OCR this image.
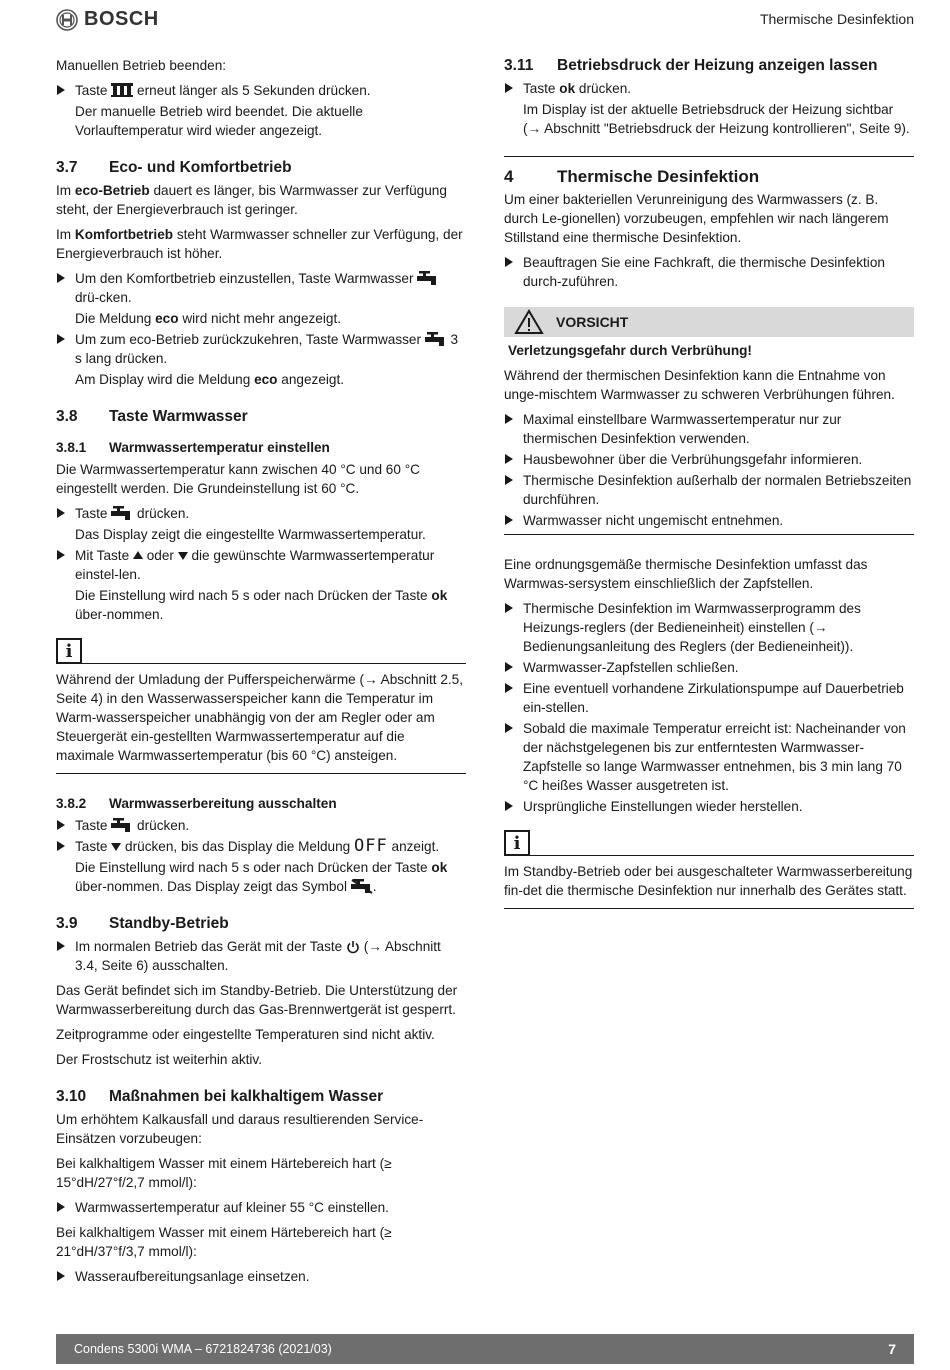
BOSCH	Thermische Desinfektion

Manuellen Betrieb beenden:

Taste  erneut länger als 5 Sekunden drücken.
Der manuelle Betrieb wird beendet. Die aktuelle Vorlauftemperatur wird wieder angezeigt.
3.7	Eco- und Komfortbetrieb

Im eco-Betrieb dauert es länger, bis Warmwasser zur Verfügung steht, der Energieverbrauch ist geringer.

Im Komfortbetrieb steht Warmwasser schneller zur Verfügung, der Energieverbrauch ist höher.

Um den Komfortbetrieb einzustellen, Taste Warmwasser  drü-cken.
Die Meldung eco wird nicht mehr angezeigt.
Um zum eco-Betrieb zurückzukehren, Taste Warmwasser  3 s lang drücken.
Am Display wird die Meldung eco angezeigt.
3.8	Taste Warmwasser
3.8.1	Warmwassertemperatur einstellen

Die Warmwassertemperatur kann zwischen 40 °C und 60 °C eingestellt werden. Die Grundeinstellung ist 60 °C.

Taste  drücken.
Das Display zeigt die eingestellte Warmwassertemperatur.
Mit Taste  oder  die gewünschte Warmwassertemperatur einstel-len.
Die Einstellung wird nach 5 s oder nach Drücken der Taste ok über-nommen.
i

Während der Umladung der Pufferspeicherwärme (→ Abschnitt 2.5, Seite 4) in den Wasserwasserspeicher kann die Temperatur im Warm-wasserspeicher unabhängig von der am Regler oder am Steuergerät ein-gestellten Warmwassertemperatur auf die maximale Warmwassertemperatur (bis 60 °C) ansteigen.

3.8.2	Warmwasserbereitung ausschalten
Taste  drücken.
Taste  drücken, bis das Display die Meldung OFF anzeigt.
Die Einstellung wird nach 5 s oder nach Drücken der Taste ok über-nommen. Das Display zeigt das Symbol .
3.9	Standby-Betrieb
Im normalen Betrieb das Gerät mit der Taste  (→ Abschnitt 3.4, Seite 6) ausschalten.

Das Gerät befindet sich im Standby-Betrieb. Die Unterstützung der Warmwasserbereitung durch das Gas-Brennwertgerät ist gesperrt.

Zeitprogramme oder eingestellte Temperaturen sind nicht aktiv.

Der Frostschutz ist weiterhin aktiv.

3.10	Maßnahmen bei kalkhaltigem Wasser

Um erhöhtem Kalkausfall und daraus resultierenden Service-Einsätzen vorzubeugen:

Bei kalkhaltigem Wasser mit einem Härtebereich hart (≥ 15°dH/27°f/2,7 mmol/l):

Warmwassertemperatur auf kleiner 55 °C einstellen.

Bei kalkhaltigem Wasser mit einem Härtebereich hart (≥ 21°dH/37°f/3,7 mmol/l):

Wasseraufbereitungsanlage einsetzen.
3.11	Betriebsdruck der Heizung anzeigen lassen
Taste ok drücken.
Im Display ist der aktuelle Betriebsdruck der Heizung sichtbar (→ Abschnitt "Betriebsdruck der Heizung kontrollieren", Seite 9).
4	Thermische Desinfektion

Um einer bakteriellen Verunreinigung des Warmwassers (z. B. durch Le-gionellen) vorzubeugen, empfehlen wir nach längerem Stillstand eine thermische Desinfektion.

Beauftragen Sie eine Fachkraft, die thermische Desinfektion durch-zuführen.
VORSICHT
Verletzungsgefahr durch Verbrühung!

Während der thermischen Desinfektion kann die Entnahme von unge-mischtem Warmwasser zu schweren Verbrühungen führen.

Maximal einstellbare Warmwassertemperatur nur zur thermischen Desinfektion verwenden.
Hausbewohner über die Verbrühungsgefahr informieren.
Thermische Desinfektion außerhalb der normalen Betriebszeiten durchführen.
Warmwasser nicht ungemischt entnehmen.

Eine ordnungsgemäße thermische Desinfektion umfasst das Warmwas-sersystem einschließlich der Zapfstellen.

Thermische Desinfektion im Warmwasserprogramm des Heizungs-reglers (der Bedieneinheit) einstellen (→ Bedienungsanleitung des Reglers (der Bedieneinheit)).
Warmwasser-Zapfstellen schließen.
Eine eventuell vorhandene Zirkulationspumpe auf Dauerbetrieb ein-stellen.
Sobald die maximale Temperatur erreicht ist: Nacheinander von der nächstgelegenen bis zur entferntesten Warmwasser-Zapfstelle so lange Warmwasser entnehmen, bis 3 min lang 70 °C heißes Wasser ausgetreten ist.
Ursprüngliche Einstellungen wieder herstellen.
i

Im Standby-Betrieb oder bei ausgeschalteter Warmwasserbereitung fin-det die thermische Desinfektion nur innerhalb des Gerätes statt.

Condens 5300i WMA – 6721824736 (2021/03)	7
